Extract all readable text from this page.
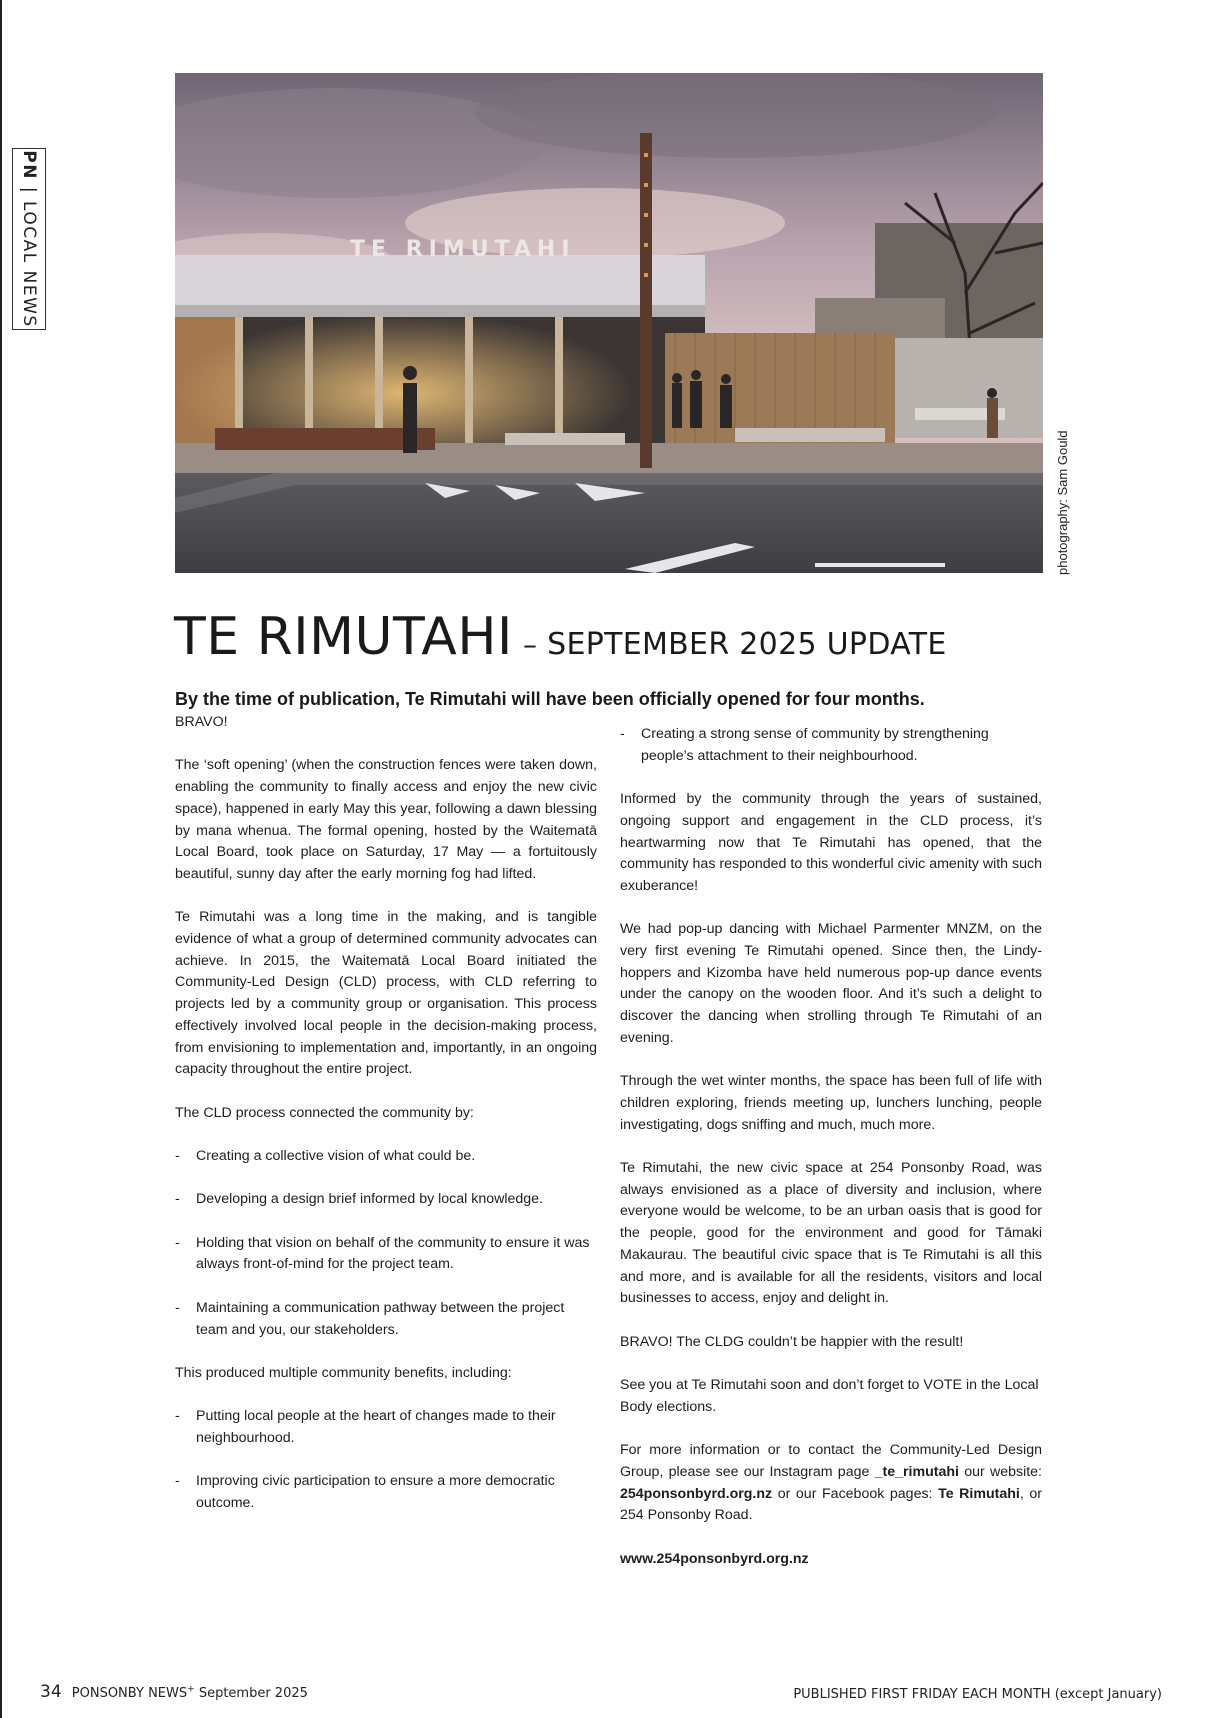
PN | LOCAL NEWS	TE RIMUTAHI
photography: Sam Gould
TE RIMUTAHI – SEPTEMBER 2025 UPDATE

By the time of publication, Te Rimutahi will have been officially opened for four months.

BRAVO!

The ‘soft opening’ (when the construction fences were taken down, enabling the community to finally access and enjoy the new civic space), happened in early May this year, following a dawn blessing by mana whenua. The formal opening, hosted by the Waitematā Local Board, took place on Saturday, 17 May — a fortuitously beautiful, sunny day after the early morning fog had lifted.

Te Rimutahi was a long time in the making, and is tangible evidence of what a group of determined community advocates can achieve. In 2015, the Waitematā Local Board initiated the Community-Led Design (CLD) process, with CLD referring to projects led by a community group or organisation. This process effectively involved local people in the decision-making process, from envisioning to implementation and, importantly, in an ongoing capacity throughout the entire project.

The CLD process connected the community by:

-	Creating a collective vision of what could be.
-	Developing a design brief informed by local knowledge.
-	Holding that vision on behalf of the community to ensure it was always front-of-mind for the project team.
-	Maintaining a communication pathway between the project team and you, our stakeholders.

This produced multiple community benefits, including:

-	Putting local people at the heart of changes made to their neighbourhood.
-	Improving civic participation to ensure a more democratic outcome.
-	Creating a strong sense of community by strengthening people’s attachment to their neighbourhood.

Informed by the community through the years of sustained, ongoing support and engagement in the CLD process, it’s heartwarming now that Te Rimutahi has opened, that the community has responded to this wonderful civic amenity with such exuberance!

We had pop-up dancing with Michael Parmenter MNZM, on the very first evening Te Rimutahi opened. Since then, the Lindy-hoppers and Kizomba have held numerous pop-up dance events under the canopy on the wooden floor. And it’s such a delight to discover the dancing when strolling through Te Rimutahi of an evening.

Through the wet winter months, the space has been full of life with children exploring, friends meeting up, lunchers lunching, people investigating, dogs sniffing and much, much more.

Te Rimutahi, the new civic space at 254 Ponsonby Road, was always envisioned as a place of diversity and inclusion, where everyone would be welcome, to be an urban oasis that is good for the people, good for the environment and good for Tāmaki Makaurau. The beautiful civic space that is Te Rimutahi is all this and more, and is available for all the residents, visitors and local businesses to access, enjoy and delight in.

BRAVO! The CLDG couldn’t be happier with the result!

See you at Te Rimutahi soon and don’t forget to VOTE in the Local Body elections.

For more information or to contact the Community-Led Design Group, please see our Instagram page _te_rimutahi our website: 254ponsonbyrd.org.nz or our Facebook pages: Te Rimutahi, or 254 Ponsonby Road.

www.254ponsonbyrd.org.nz

34 PONSONBY NEWS+ September 2025	PUBLISHED FIRST FRIDAY EACH MONTH (except January)
